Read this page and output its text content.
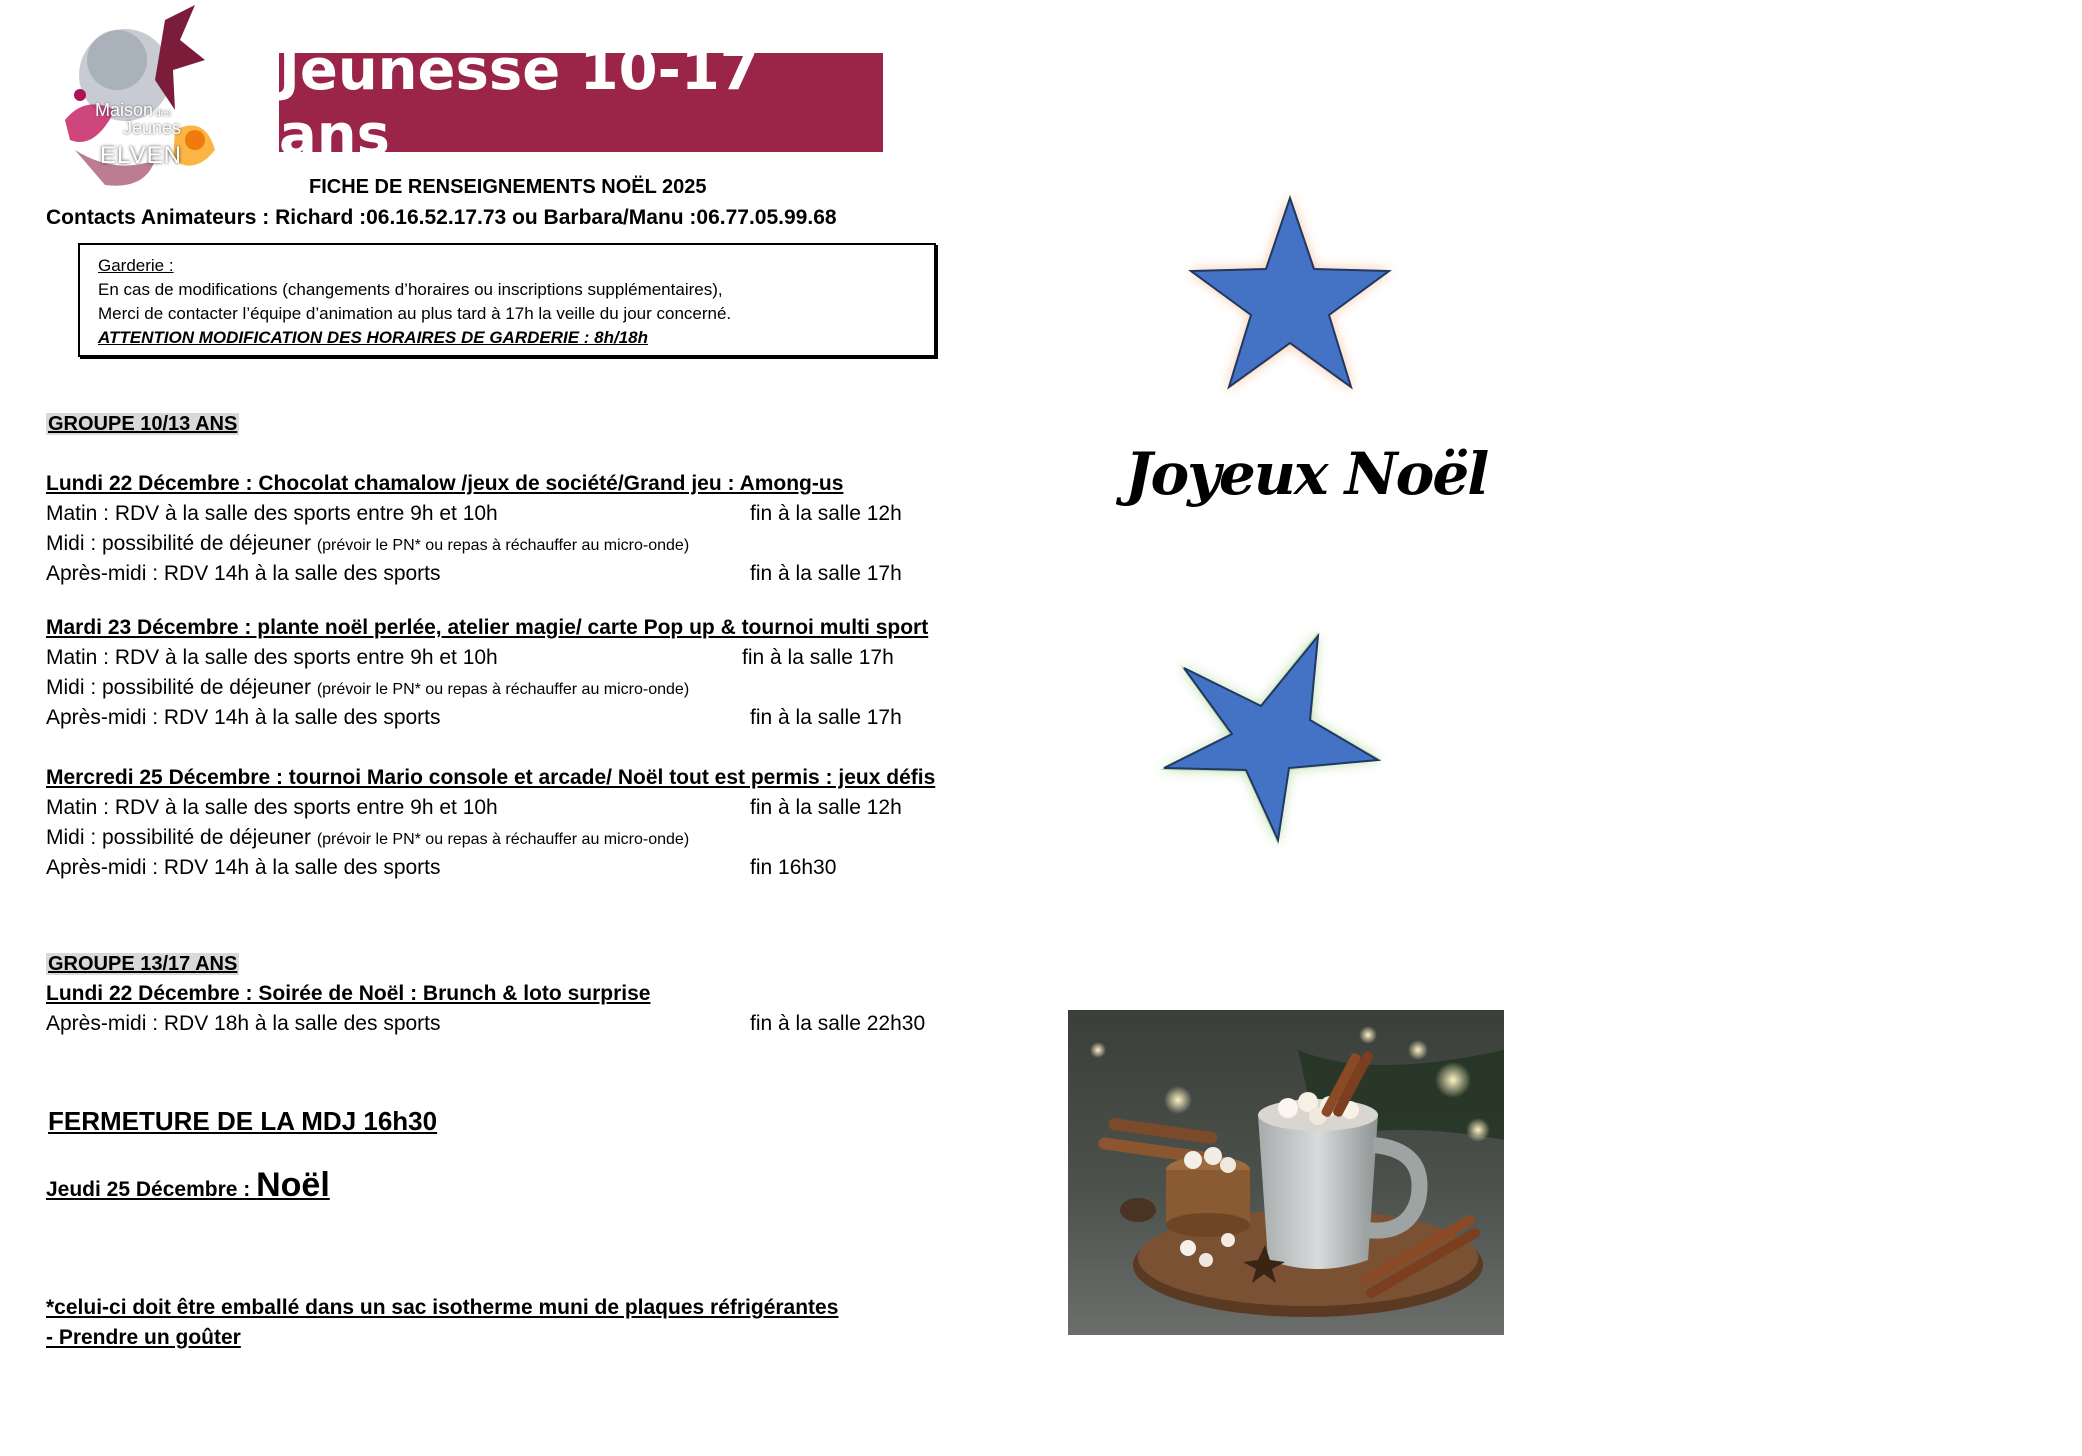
Maison des
Jeunes
ELVEN
Jeunesse 10-17 ans
FICHE DE RENSEIGNEMENTS NOËL 2025
Contacts Animateurs : Richard :06.16.52.17.73 ou Barbara/Manu :06.77.05.99.68
Garderie :
En cas de modifications (changements d’horaires ou inscriptions supplémentaires),
Merci de contacter l’équipe d’animation au plus tard à 17h la veille du jour concerné.
ATTENTION MODIFICATION DES HORAIRES DE GARDERIE : 8h/18h
GROUPE 10/13 ANS
Lundi 22 Décembre : Chocolat chamalow /jeux de société/Grand jeu : Among-us
Matin : RDV à la salle des sports entre 9h et 10h	fin à la salle 12h
Midi : possibilité de déjeuner (prévoir le PN* ou repas à réchauffer au micro-onde)
Après-midi : RDV 14h à la salle des sports	fin à la salle 17h
Mardi 23 Décembre : plante noël perlée, atelier magie/ carte Pop up & tournoi multi sport
Matin : RDV à la salle des sports entre 9h et 10h	fin à la salle 17h
Midi : possibilité de déjeuner (prévoir le PN* ou repas à réchauffer au micro-onde)
Après-midi : RDV 14h à la salle des sports	fin à la salle 17h
Mercredi 25 Décembre : tournoi Mario console et arcade/ Noël tout est permis : jeux défis
Matin : RDV à la salle des sports entre 9h et 10h	fin à la salle 12h
Midi : possibilité de déjeuner (prévoir le PN* ou repas à réchauffer au micro-onde)
Après-midi : RDV 14h à la salle des sports	fin 16h30
GROUPE 13/17 ANS
Lundi 22 Décembre : Soirée de Noël : Brunch & loto surprise
Après-midi : RDV 18h à la salle des sports	fin à la salle 22h30
FERMETURE DE LA MDJ 16h30
Jeudi 25 Décembre : Noël
*celui-ci doit être emballé dans un sac isotherme muni de plaques réfrigérantes
- Prendre un goûter
Joyeux Noël
